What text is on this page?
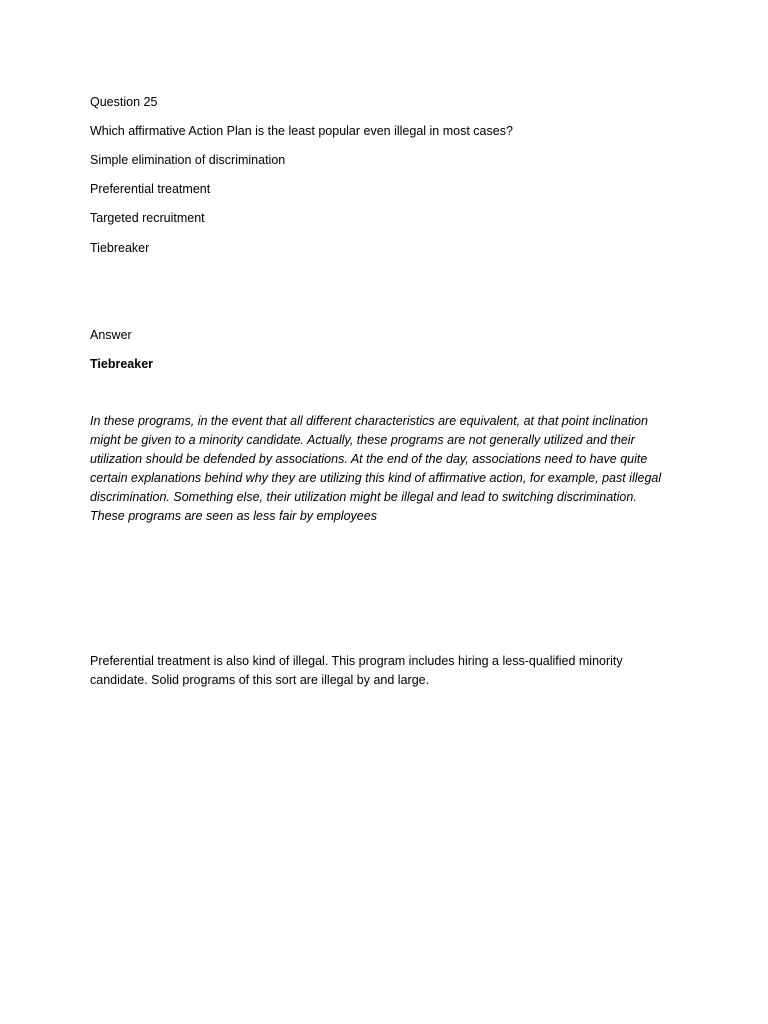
Question 25
Which affirmative Action Plan is the least popular even illegal in most cases?
Simple elimination of discrimination
Preferential treatment
Targeted recruitment
Tiebreaker
Answer
Tiebreaker
In these programs, in the event that all different characteristics are equivalent, at that point inclination
might be given to a minority candidate. Actually, these programs are not generally utilized and their
utilization should be defended by associations. At the end of the day, associations need to have quite
certain explanations behind why they are utilizing this kind of affirmative action, for example, past illegal
discrimination. Something else, their utilization might be illegal and lead to switching discrimination.
These programs are seen as less fair by employees
Preferential treatment is also kind of illegal. This program includes hiring a less-qualified minority
candidate. Solid programs of this sort are illegal by and large.
